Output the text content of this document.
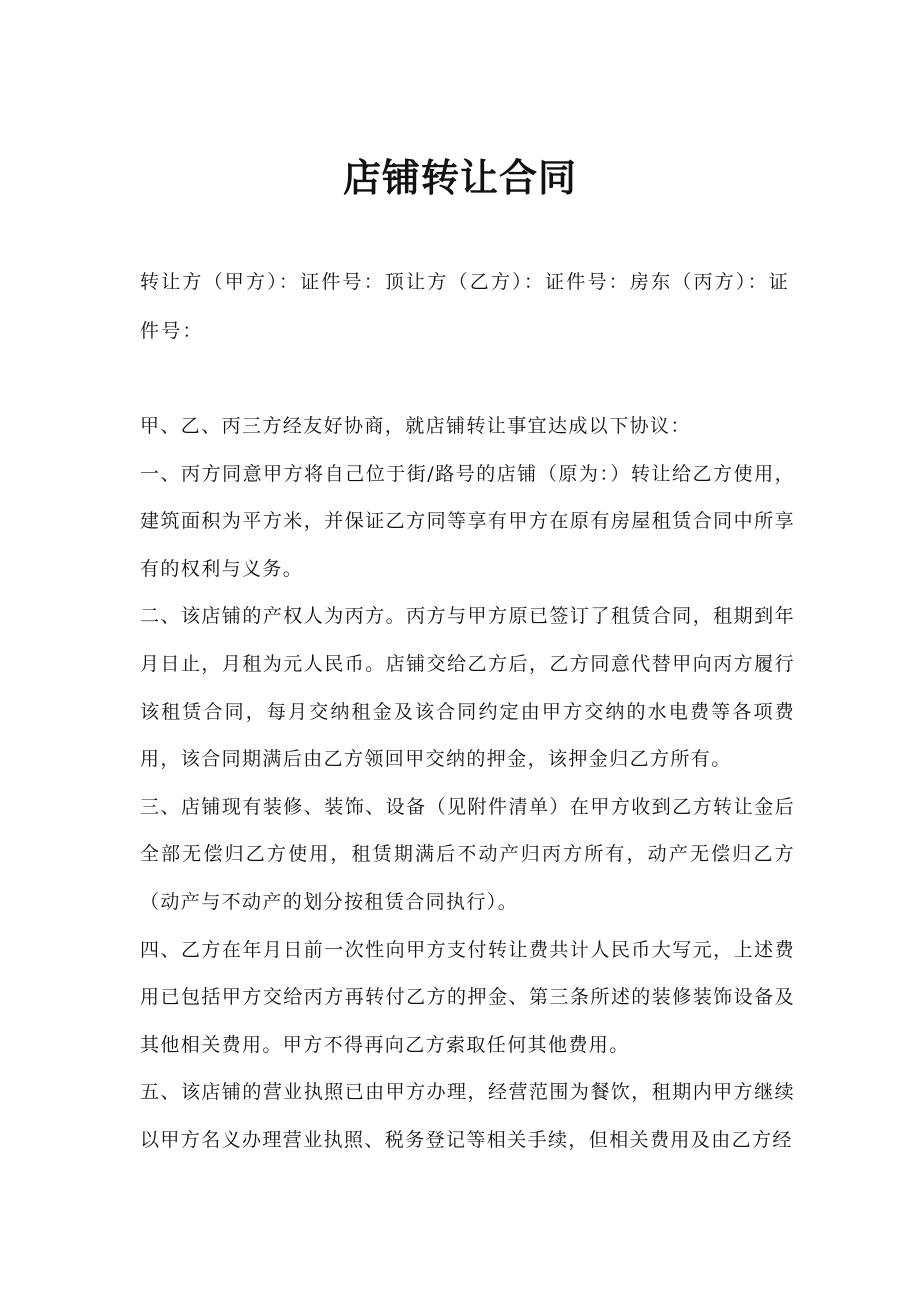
店铺转让合同

转让方（甲方）：证件号：顶让方（乙方）：证件号：房东（丙方）：证件号：

甲、乙、丙三方经友好协商，就店铺转让事宜达成以下协议：

一、丙方同意甲方将自己位于街/路号的店铺（原为：）转让给乙方使用，建筑面积为平方米，并保证乙方同等享有甲方在原有房屋租赁合同中所享有的权利与义务。

二、该店铺的产权人为丙方。丙方与甲方原已签订了租赁合同，租期到年月日止，月租为元人民币。店铺交给乙方后，乙方同意代替甲向丙方履行该租赁合同，每月交纳租金及该合同约定由甲方交纳的水电费等各项费用，该合同期满后由乙方领回甲交纳的押金，该押金归乙方所有。

三、店铺现有装修、装饰、设备（见附件清单）在甲方收到乙方转让金后全部无偿归乙方使用，租赁期满后不动产归丙方所有，动产无偿归乙方（动产与不动产的划分按租赁合同执行）。

四、乙方在年月日前一次性向甲方支付转让费共计人民币大写元，上述费用已包括甲方交给丙方再转付乙方的押金、第三条所述的装修装饰设备及其他相关费用。甲方不得再向乙方索取任何其他费用。

五、该店铺的营业执照已由甲方办理，经营范围为餐饮，租期内甲方继续以甲方名义办理营业执照、税务登记等相关手续，但相关费用及由乙方经
